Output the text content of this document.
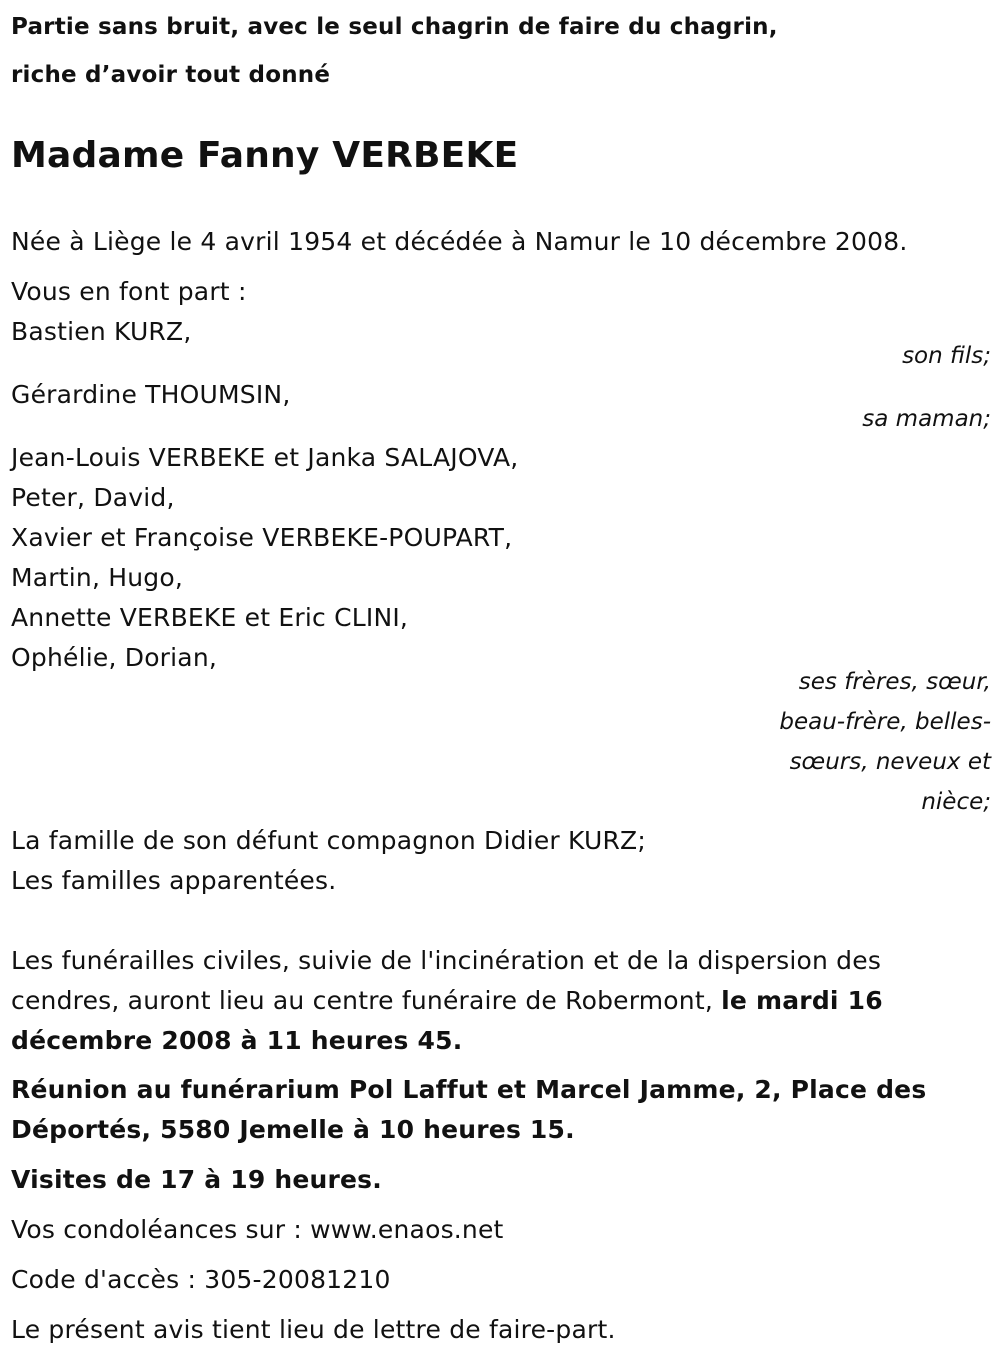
Partie sans bruit, avec le seul chagrin de faire du chagrin,
riche d’avoir tout donné
Madame Fanny VERBEKE
Née à Liège le 4 avril 1954 et décédée à Namur le 10 décembre 2008.
Vous en font part :
Bastien KURZ,
son fils;
Gérardine THOUMSIN,
sa maman;
Jean-Louis VERBEKE et Janka SALAJOVA,
Peter, David,
Xavier et Françoise VERBEKE-POUPART,
Martin, Hugo,
Annette VERBEKE et Eric CLINI,
Ophélie, Dorian,
ses frères, sœur,
beau-frère, belles-
sœurs, neveux et
nièce;
La famille de son défunt compagnon Didier KURZ;
Les familles apparentées.
Les funérailles civiles, suivie de l'incinération et de la dispersion des
cendres, auront lieu au centre funéraire de Robermont, le mardi 16
décembre 2008 à 11 heures 45.
Réunion au funérarium Pol Laffut et Marcel Jamme, 2, Place des
Déportés, 5580 Jemelle à 10 heures 15.
Visites de 17 à 19 heures.
Vos condoléances sur : www.enaos.net
Code d'accès : 305-20081210
Le présent avis tient lieu de lettre de faire-part.
